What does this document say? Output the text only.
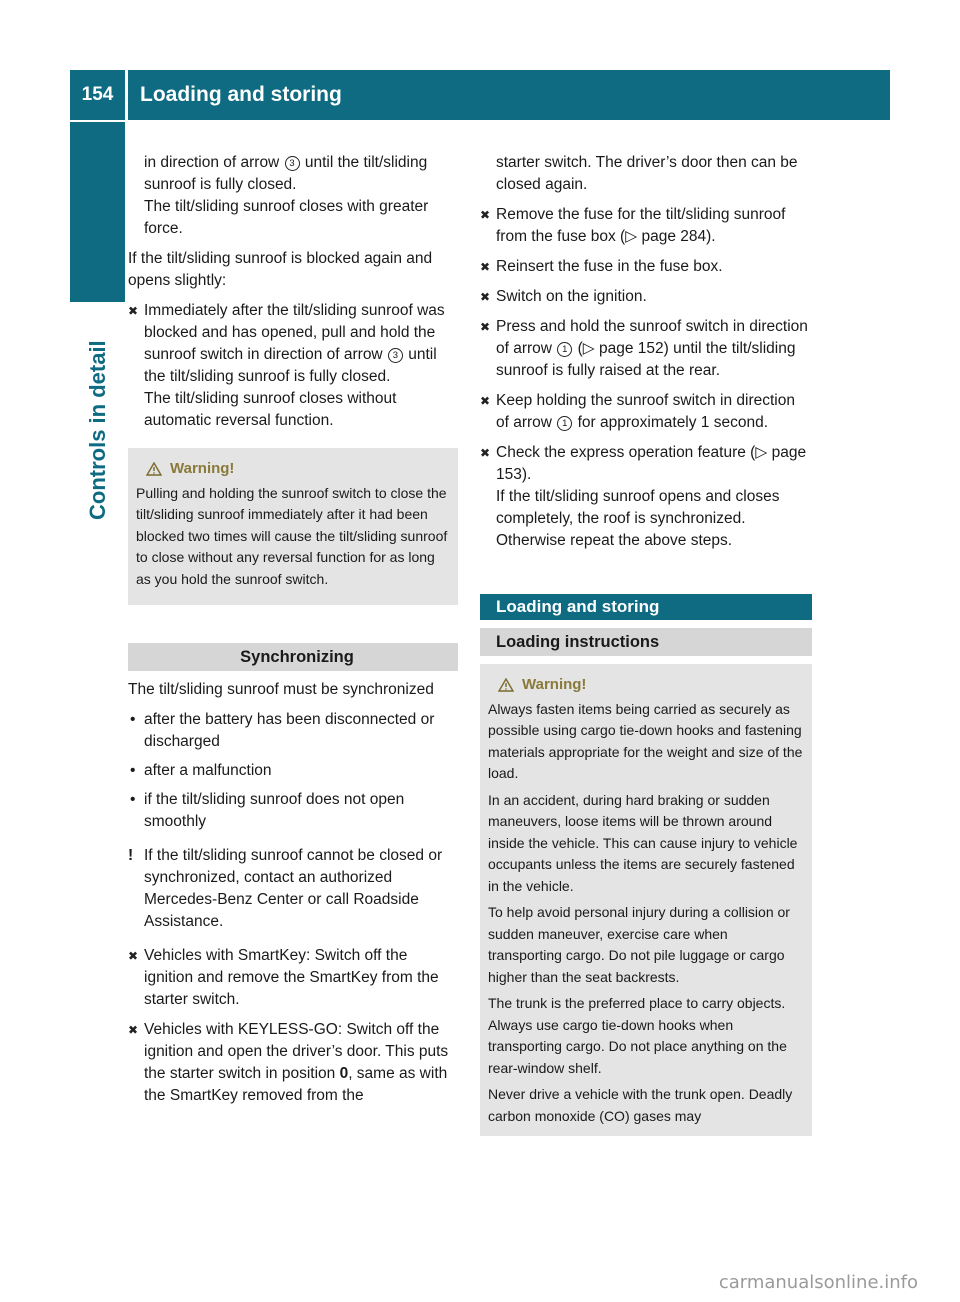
154	Loading and storing
Controls in detail

in direction of arrow 3 until the tilt/sliding sunroof is fully closed.

The tilt/sliding sunroof closes with greater force.

If the tilt/sliding sunroof is blocked again and opens slightly:

✖ Immediately after the tilt/sliding sunroof was blocked and has opened, pull and hold the sunroof switch in direction of arrow 3 until the tilt/sliding sunroof is fully closed.

The tilt/sliding sunroof closes without automatic reversal function.

Warning!

Pulling and holding the sunroof switch to close the tilt/sliding sunroof immediately after it had been blocked two times will cause the tilt/sliding sunroof to close without any reversal function for as long as you hold the sunroof switch.

Synchronizing

The tilt/sliding sunroof must be synchronized

• after the battery has been disconnected or discharged
• after a malfunction
• if the tilt/sliding sunroof does not open smoothly
! If the tilt/sliding sunroof cannot be closed or synchronized, contact an authorized Mercedes-Benz Center or call Roadside Assistance.
✖ Vehicles with SmartKey: Switch off the ignition and remove the SmartKey from the starter switch.

✖ Vehicles with KEYLESS-GO: Switch off the ignition and open the driver’s door. This puts the starter switch in position 0, same as with the SmartKey removed from the

starter switch. The driver’s door then can be closed again.

✖ Remove the fuse for the tilt/sliding sunroof from the fuse box (▷ page 284).

✖ Reinsert the fuse in the fuse box.

✖ Switch on the ignition.

✖ Press and hold the sunroof switch in direction of arrow 1 (▷ page 152) until the tilt/sliding sunroof is fully raised at the rear.

✖ Keep holding the sunroof switch in direction of arrow 1 for approximately 1 second.

✖ Check the express operation feature (▷ page 153).

If the tilt/sliding sunroof opens and closes completely, the roof is synchronized.

Otherwise repeat the above steps.

Loading and storing
Loading instructions
Warning!

Always fasten items being carried as securely as possible using cargo tie-down hooks and fastening materials appropriate for the weight and size of the load.

In an accident, during hard braking or sudden maneuvers, loose items will be thrown around inside the vehicle. This can cause injury to vehicle occupants unless the items are securely fastened in the vehicle.

To help avoid personal injury during a collision or sudden maneuver, exercise care when transporting cargo. Do not pile luggage or cargo higher than the seat backrests.

The trunk is the preferred place to carry objects. Always use cargo tie-down hooks when transporting cargo. Do not place anything on the rear-window shelf.

Never drive a vehicle with the trunk open. Deadly carbon monoxide (CO) gases may

carmanualsonline.info
